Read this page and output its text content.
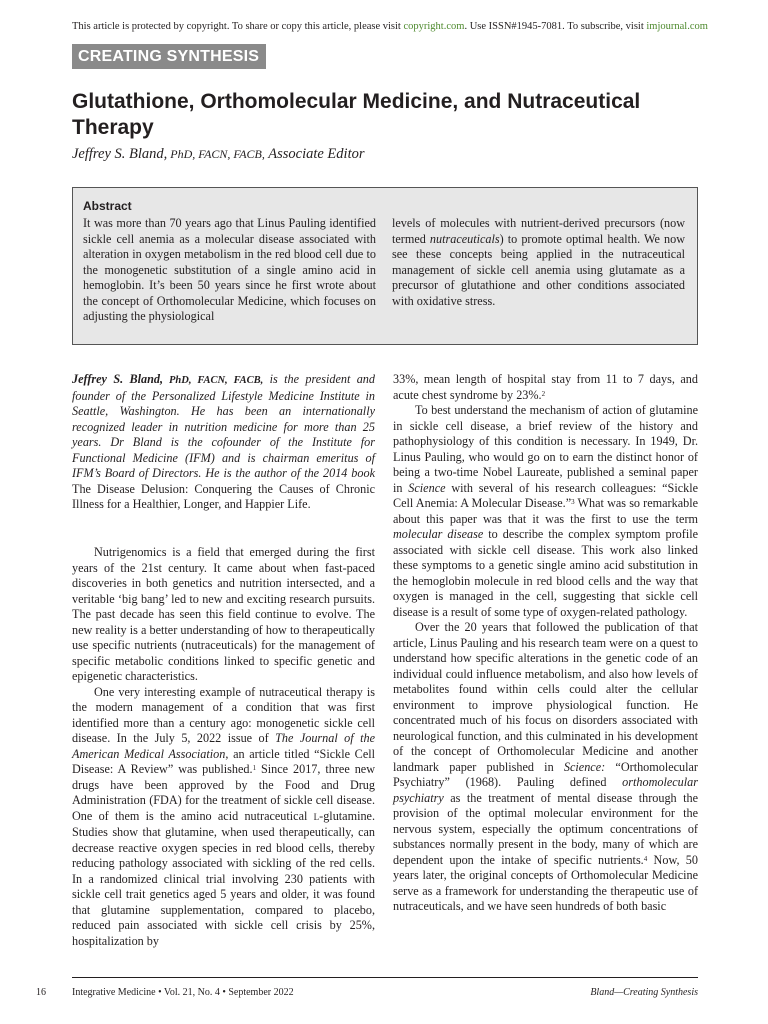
This article is protected by copyright. To share or copy this article, please visit copyright.com. Use ISSN#1945-7081. To subscribe, visit imjournal.com
CREATING SYNTHESIS
Glutathione, Orthomolecular Medicine, and Nutraceutical Therapy
Jeffrey S. Bland, PhD, FACN, FACB, Associate Editor
Abstract
It was more than 70 years ago that Linus Pauling identified sickle cell anemia as a molecular disease associated with alteration in oxygen metabolism in the red blood cell due to the monogenetic substitution of a single amino acid in hemoglobin. It’s been 50 years since he first wrote about the concept of Orthomolecular Medicine, which focuses on adjusting the physiological
levels of molecules with nutrient-derived precursors (now termed nutraceuticals) to promote optimal health. We now see these concepts being applied in the nutraceutical management of sickle cell anemia using glutamate as a precursor of glutathione and other conditions associated with oxidative stress.

Jeffrey S. Bland, PhD, FACN, FACB, is the president and founder of the Personalized Lifestyle Medicine Institute in Seattle, Washington. He has been an internationally recognized leader in nutrition medicine for more than 25 years. Dr Bland is the cofounder of the Institute for Functional Medicine (IFM) and is chairman emeritus of IFM’s Board of Directors. He is the author of the 2014 book The Disease Delusion: Conquering the Causes of Chronic Illness for a Healthier, Longer, and Happier Life.

Nutrigenomics is a field that emerged during the first years of the 21st century. It came about when fast-paced discoveries in both genetics and nutrition intersected, and a veritable ‘big bang’ led to new and exciting research pursuits. The past decade has seen this field continue to evolve. The new reality is a better understanding of how to therapeutically use specific nutrients (nutraceuticals) for the management of specific metabolic conditions linked to specific genetic and epigenetic characteristics.

One very interesting example of nutraceutical therapy is the modern management of a condition that was first identified more than a century ago: monogenetic sickle cell disease. In the July 5, 2022 issue of The Journal of the American Medical Association, an article titled “Sickle Cell Disease: A Review” was published.$^1$ Since 2017, three new drugs have been approved by the Food and Drug Administration (FDA) for the treatment of sickle cell disease. One of them is the amino acid nutraceutical L-glutamine. Studies show that glutamine, when used therapeutically, can decrease reactive oxygen species in red blood cells, thereby reducing pathology associated with sickling of the red cells. In a randomized clinical trial involving 230 patients with sickle cell trait genetics aged 5 years and older, it was found that glutamine supplementation, compared to placebo, reduced pain associated with sickle cell crisis by 25%, hospitalization by

33%, mean length of hospital stay from 11 to 7 days, and acute chest syndrome by 23%.$^2$

To best understand the mechanism of action of glutamine in sickle cell disease, a brief review of the history and pathophysiology of this condition is necessary. In 1949, Dr. Linus Pauling, who would go on to earn the distinct honor of being a two-time Nobel Laureate, published a seminal paper in Science with several of his research colleagues: “Sickle Cell Anemia: A Molecular Disease.”$^3$ What was so remarkable about this paper was that it was the first to use the term molecular disease to describe the complex symptom profile associated with sickle cell disease. This work also linked these symptoms to a genetic single amino acid substitution in the hemoglobin molecule in red blood cells and the way that oxygen is managed in the cell, suggesting that sickle cell disease is a result of some type of oxygen-related pathology.

Over the 20 years that followed the publication of that article, Linus Pauling and his research team were on a quest to understand how specific alterations in the genetic code of an individual could influence metabolism, and also how levels of metabolites found within cells could alter the cellular environment to improve physiological function. He concentrated much of his focus on disorders associated with neurological function, and this culminated in his development of the concept of Orthomolecular Medicine and another landmark paper published in Science: “Orthomolecular Psychiatry” (1968). Pauling defined orthomolecular psychiatry as the treatment of mental disease through the provision of the optimal molecular environment for the nervous system, especially the optimum concentrations of substances normally present in the body, many of which are dependent upon the intake of specific nutrients.$^4$ Now, 50 years later, the original concepts of Orthomolecular Medicine serve as a framework for understanding the therapeutic use of nutraceuticals, and we have seen hundreds of both basic

16	Integrative Medicine • Vol. 21, No. 4 • September 2022	Bland—Creating Synthesis
